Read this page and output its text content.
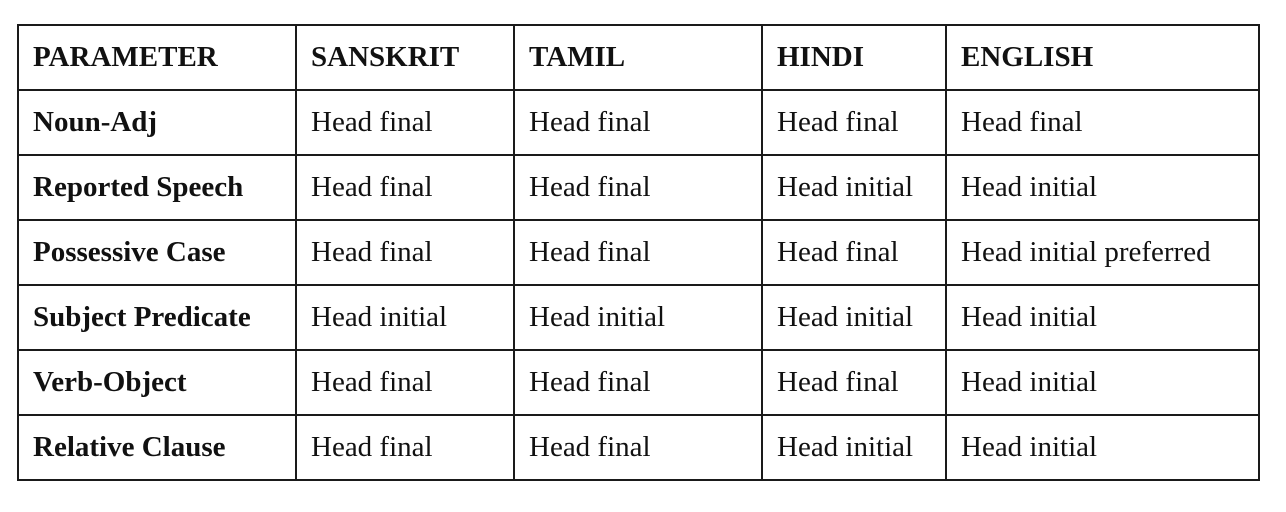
PARAMETER	SANSKRIT	TAMIL	HINDI	ENGLISH
Noun-Adj	Head final	Head final	Head final	Head final
Reported Speech	Head final	Head final	Head initial	Head initial
Possessive Case	Head final	Head final	Head final	Head initial preferred
Subject Predicate	Head initial	Head initial	Head initial	Head initial
Verb-Object	Head final	Head final	Head final	Head initial
Relative Clause	Head final	Head final	Head initial	Head initial
